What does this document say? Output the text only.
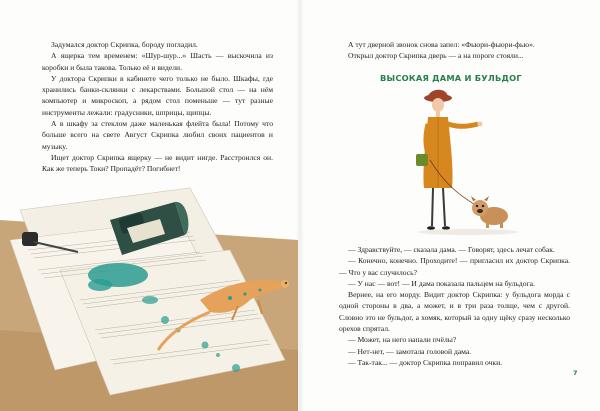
Задумался доктор Скрипка, бороду погладил.

А ящерка тем временем: «Шур-шур...» Шасть — выскочила из коробки и была такова. Только её и видели.

У доктора Скрипки в кабинете чего только не было. Шкафы, где хранились банки-склянки с лекарствами. Большой стол — на нём компьютер и микроскоп, а рядом стол поменьше — тут разные инструменты лежали: градусники, шприцы, щипцы.

А в шкафу за стеклом даже маленькая флейта была! Потому что больше всего на свете Август Скрипка любил своих пациентов и музыку.

Ищет доктор Скрипка ящерку — не видит нигде. Расстроился он. Как же теперь Токи? Пропадёт? Погибнет!

А тут дверной звонок снова запел: «Фьюри-фьюри-фью».

Открыл доктор Скрипка дверь — а на пороге стояли...

ВЫСОКАЯ ДАМА И БУЛЬДОГ

— Здравствуйте, — сказала дама. — Говорят, здесь лечат собак.

— Конечно, конечно. Проходите! — пригласил их доктор Скрипка. — Что у вас случилось?

— У нас — вот! — И дама показала пальцем на бульдога.

Вернее, на его морду. Видит доктор Скрипка: у бульдога морда с одной стороны в два, а может, и в три раза толще, чем с другой. Словно это не бульдог, а хомяк, который за одну щёку сразу несколько орехов спрятал.

— Может, на него напали пчёлы?

— Нет-нет, — замотала головой дама.

— Так-так... — доктор Скрипка поправил очки.

7
